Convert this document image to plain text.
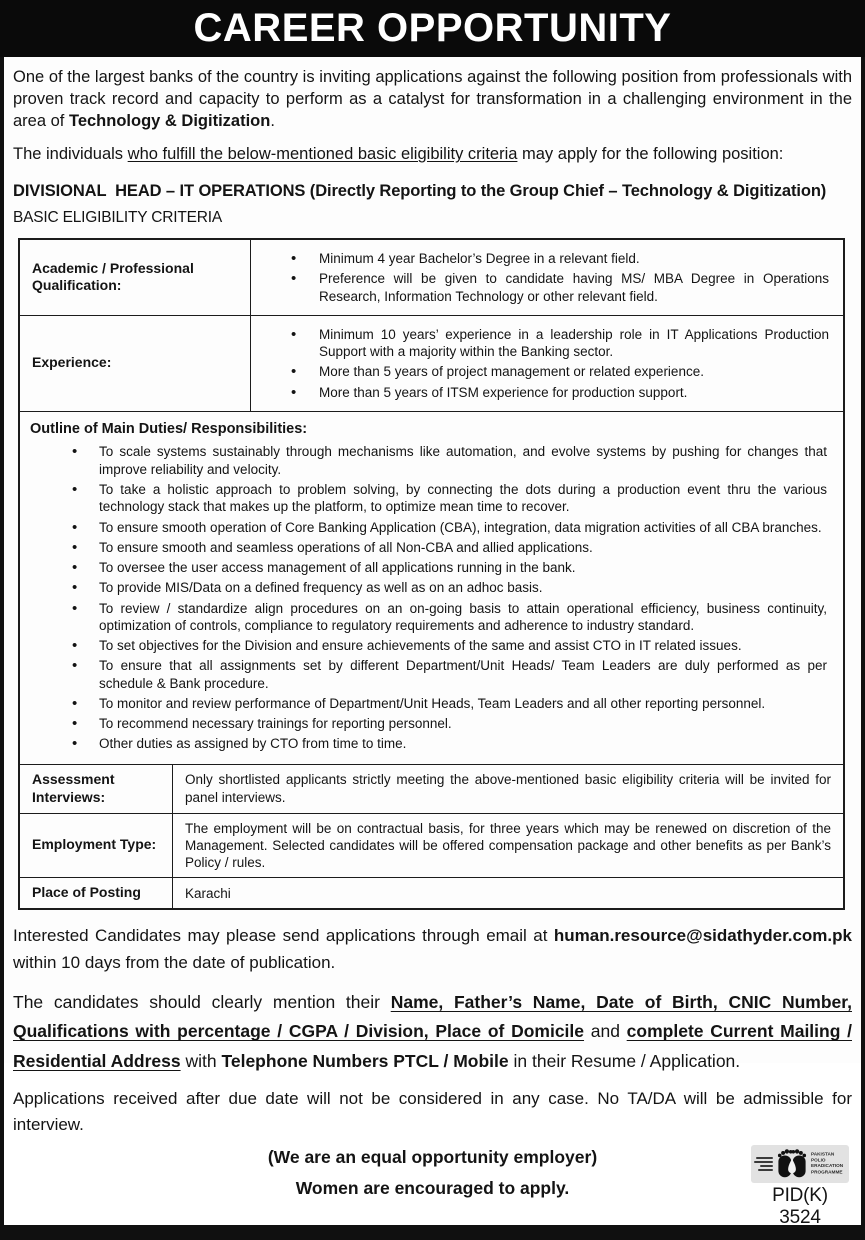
CAREER OPPORTUNITY

One of the largest banks of the country is inviting applications against the following position from professionals with proven track record and capacity to perform as a catalyst for transformation in a challenging environment in the area of Technology & Digitization.

The individuals who fulfill the below-mentioned basic eligibility criteria may apply for the following position:

DIVISIONAL  HEAD – IT OPERATIONS (Directly Reporting to the Group Chief – Technology & Digitization)
BASIC ELIGIBILITY CRITERIA
Academic / Professional Qualification:
• Minimum 4 year Bachelor’s Degree in a relevant field.
• Preference will be given to candidate having MS/ MBA Degree in Operations Research, Information Technology or other relevant field.
Experience:
• Minimum 10 years’ experience in a leadership role in IT Applications Production Support with a majority within the Banking sector.
• More than 5 years of project management or related experience.
• More than 5 years of ITSM experience for production support.
Outline of Main Duties/ Responsibilities:
• To scale systems sustainably through mechanisms like automation, and evolve systems by pushing for changes that improve reliability and velocity.
• To take a holistic approach to problem solving, by connecting the dots during a production event thru the various technology stack that makes up the platform, to optimize mean time to recover.
• To ensure smooth operation of Core Banking Application (CBA), integration, data migration activities of all CBA branches.
• To ensure smooth and seamless operations of all Non-CBA and allied applications.
• To oversee the user access management of all applications running in the bank.
• To provide MIS/Data on a defined frequency as well as on an adhoc basis.
• To review / standardize align procedures on an on-going basis to attain operational efficiency, business continuity, optimization of controls, compliance to regulatory requirements and adherence to industry standard.
• To set objectives for the Division and ensure achievements of the same and assist CTO in IT related issues.
• To ensure that all assignments set by different Department/Unit Heads/ Team Leaders are duly performed as per schedule & Bank procedure.
• To monitor and review performance of Department/Unit Heads, Team Leaders and all other reporting personnel.
• To recommend necessary trainings for reporting personnel.
• Other duties as assigned by CTO from time to time.
Assessment Interviews:
Only shortlisted applicants strictly meeting the above-mentioned basic eligibility criteria will be invited for panel interviews.
Employment Type:
The employment will be on contractual basis, for three years which may be renewed on discretion of the Management. Selected candidates will be offered compensation package and other benefits as per Bank’s Policy / rules.
Place of Posting	Karachi

Interested Candidates may please send applications through email at human.resource@sidathyder.com.pk within 10 days from the date of publication.

The candidates should clearly mention their Name, Father’s Name, Date of Birth, CNIC Number, Qualifications with percentage / CGPA / Division, Place of Domicile and complete Current Mailing / Residential Address with Telephone Numbers PTCL / Mobile in their Resume / Application.

Applications received after due date will not be considered in any case. No TA/DA will be admissible for interview.

(We are an equal opportunity employer)
Women are encouraged to apply.
PAKISTAN POLIO ERADICATION PROGRAMME
PID(K) 3524
